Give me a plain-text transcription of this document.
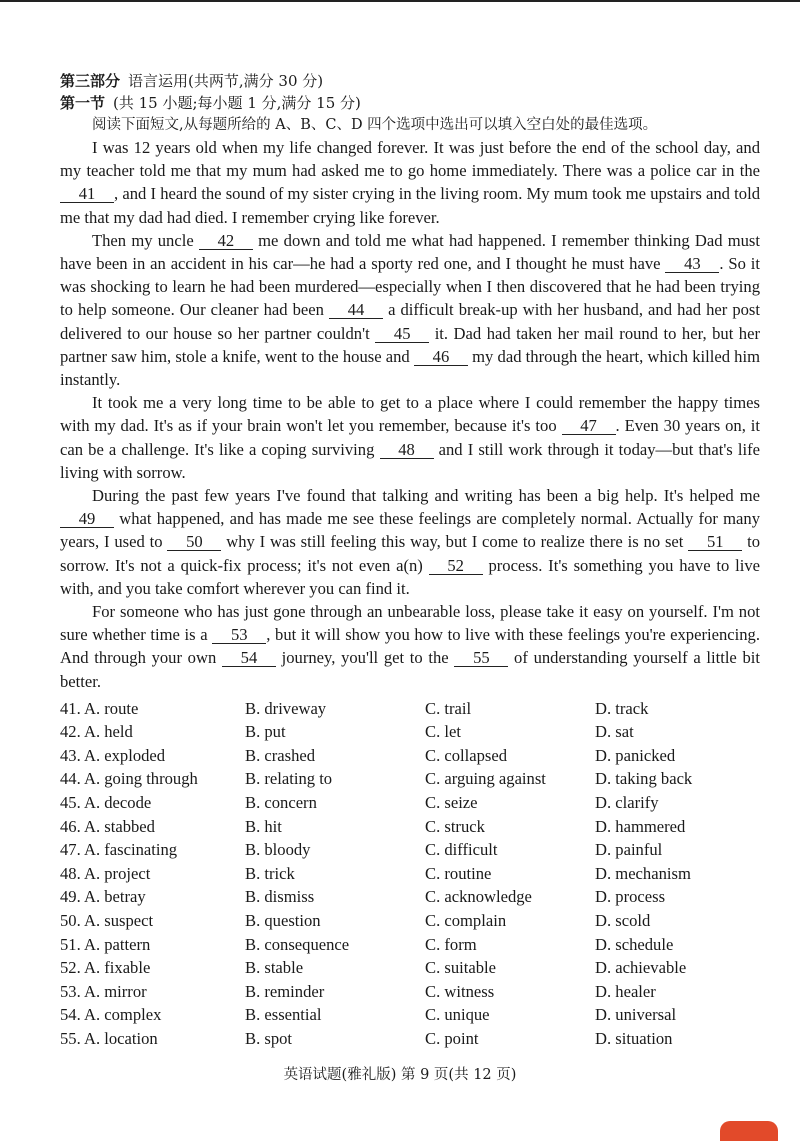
第三部分 语言运用(共两节,满分 30 分)
第一节 (共 15 小题;每小题 1 分,满分 15 分)

阅读下面短文,从每题所给的 A、B、C、D 四个选项中选出可以填入空白处的最佳选项。

I was 12 years old when my life changed forever. It was just before the end of the school day, and my teacher told me that my mum had asked me to go home immediately. There was a police car in the 41 , and I heard the sound of my sister crying in the living room. My mum took me upstairs and told me that my dad had died. I remember crying like forever.

Then my uncle 42 me down and told me what had happened. I remember thinking Dad must have been in an accident in his car—he had a sporty red one, and I thought he must have 43 . So it was shocking to learn he had been murdered—especially when I then discovered that he had been trying to help someone. Our cleaner had been 44 a difficult break-up with her husband, and had her post delivered to our house so her partner couldn't 45 it. Dad had taken her mail round to her, but her partner saw him, stole a knife, went to the house and 46 my dad through the heart, which killed him instantly.

It took me a very long time to be able to get to a place where I could remember the happy times with my dad. It's as if your brain won't let you remember, because it's too 47 . Even 30 years on, it can be a challenge. It's like a coping surviving 48 and I still work through it today—but that's life living with sorrow.

During the past few years I've found that talking and writing has been a big help. It's helped me 49 what happened, and has made me see these feelings are completely normal. Actually for many years, I used to 50 why I was still feeling this way, but I come to realize there is no set 51 to sorrow. It's not a quick-fix process; it's not even a(n) 52 process. It's something you have to live with, and you take comfort wherever you can find it.

For someone who has just gone through an unbearable loss, please take it easy on yourself. I'm not sure whether time is a 53 , but it will show you how to live with these feelings you're experiencing. And through your own 54 journey, you'll get to the 55 of understanding yourself a little bit better.

41. A. route	B. driveway	C. trail	D. track
42. A. held	B. put	C. let	D. sat
43. A. exploded	B. crashed	C. collapsed	D. panicked
44. A. going through	B. relating to	C. arguing against	D. taking back
45. A. decode	B. concern	C. seize	D. clarify
46. A. stabbed	B. hit	C. struck	D. hammered
47. A. fascinating	B. bloody	C. difficult	D. painful
48. A. project	B. trick	C. routine	D. mechanism
49. A. betray	B. dismiss	C. acknowledge	D. process
50. A. suspect	B. question	C. complain	D. scold
51. A. pattern	B. consequence	C. form	D. schedule
52. A. fixable	B. stable	C. suitable	D. achievable
53. A. mirror	B. reminder	C. witness	D. healer
54. A. complex	B. essential	C. unique	D. universal
55. A. location	B. spot	C. point	D. situation
英语试题(雅礼版) 第 9 页(共 12 页)
